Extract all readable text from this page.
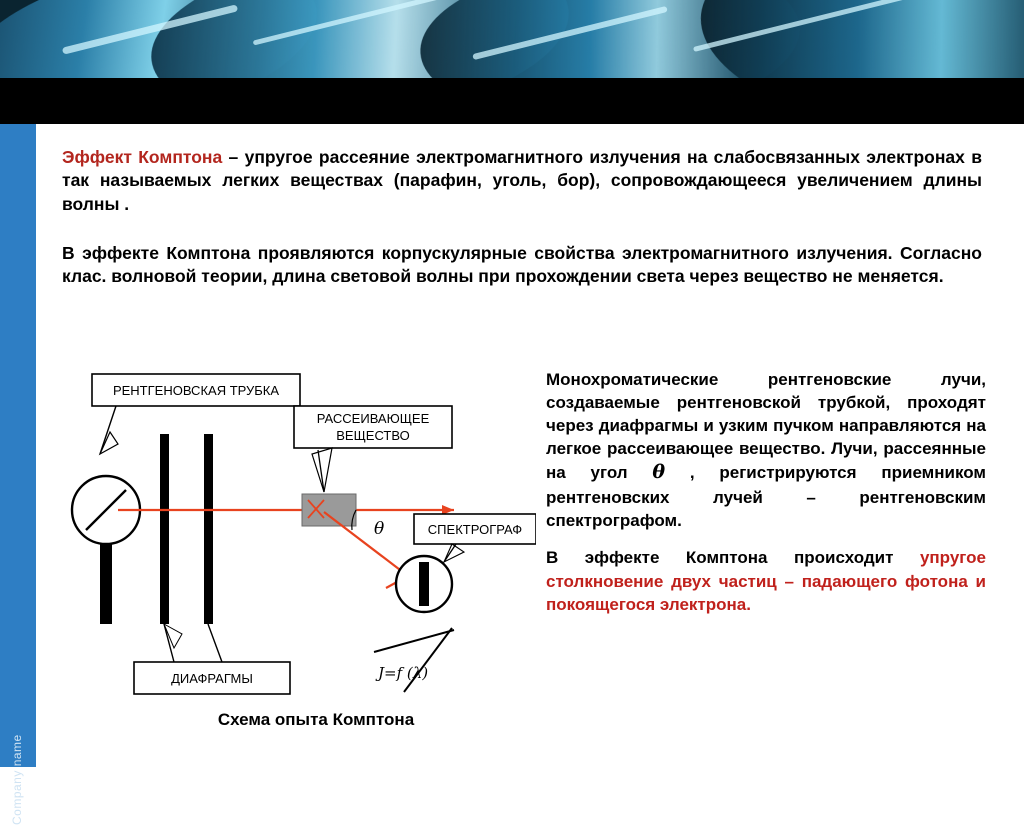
Company name
Эффект Комптона – упругое рассеяние электромагнитного излучения на слабосвязанных электронах в так называемых легких веществах (парафин, уголь, бор), сопровождающееся увеличением длины волны .
В эффекте Комптона проявляются корпускулярные свойства электромагнитного излучения. Согласно клас. волновой теории, длина световой волны при прохождении света через вещество не меняется.
РЕНТГЕНОВСКАЯ ТРУБКА
ДИАФРАГМЫ
РАССЕИВАЮЩЕЕ
ВЕЩЕСТВО
θ	СПЕКТРОГРАФ
J=f (λ)
Схема опыта Комптона

Монохроматические рентгеновские лучи, создаваемые рентгеновской трубкой, проходят через диафрагмы и узким пучком направляются на легкое рассеивающее вещество. Лучи, рассеянные на угол θ , регистрируются приемником рентгеновских лучей – рентгеновским спектрографом.

В эффекте Комптона происходит упругое столкновение двух частиц – падающего фотона и покоящегося электрона.
